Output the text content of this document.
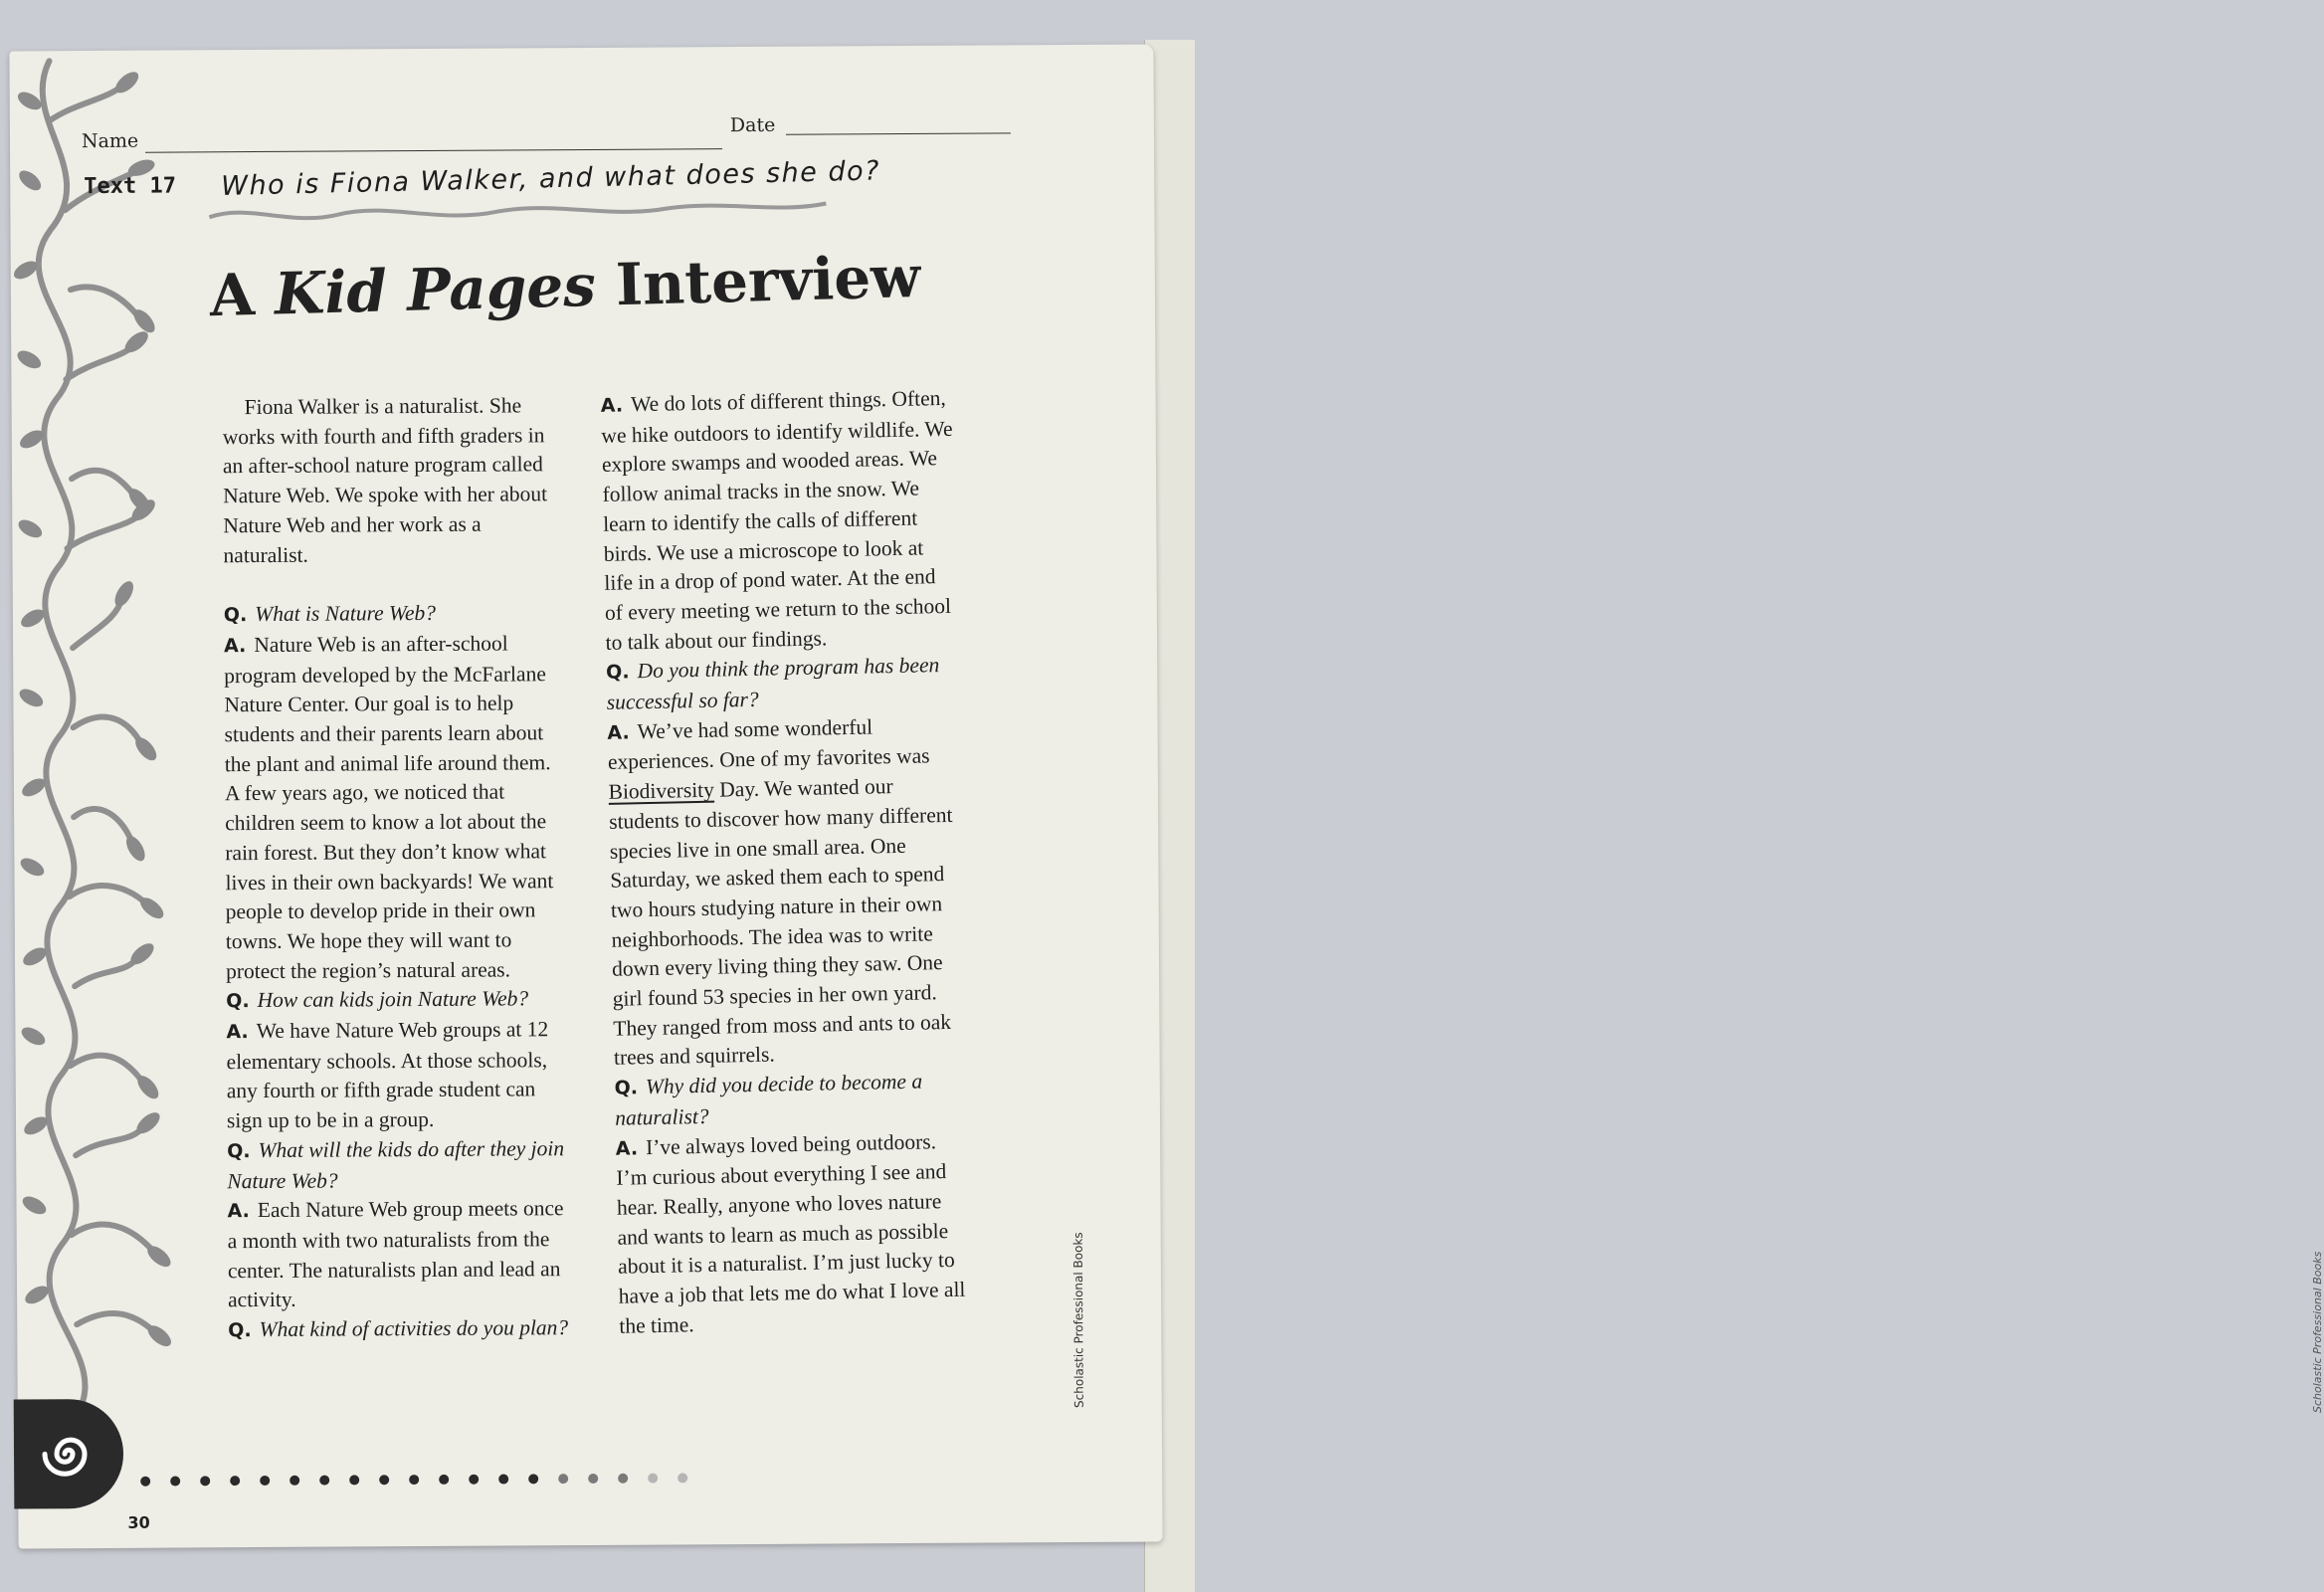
Scholastic Professional Books
30
Name
Date
Text 17 Who is Fiona Walker, and what does she do?
A Kid Pages Interview

Fiona Walker is a naturalist. She works with fourth and fifth graders in an after-school nature program called Nature Web. We spoke with her about Nature Web and her work as a naturalist.

Q. What is Nature Web?

A. Nature Web is an after-school program developed by the McFarlane Nature Center. Our goal is to help students and their parents learn about the plant and animal life around them. A few years ago, we noticed that children seem to know a lot about the rain forest. But they don’t know what lives in their own backyards! We want people to develop pride in their own towns. We hope they will want to protect the region’s natural areas.

Q. How can kids join Nature Web?

A. We have Nature Web groups at 12 elementary schools. At those schools, any fourth or fifth grade student can sign up to be in a group.

Q. What will the kids do after they join Nature Web?

A. Each Nature Web group meets once a month with two naturalists from the center. The naturalists plan and lead an activity.

Q. What kind of activities do you plan?

A. We do lots of different things. Often, we hike outdoors to identify wildlife. We explore swamps and wooded areas. We follow animal tracks in the snow. We learn to identify the calls of different birds. We use a microscope to look at life in a drop of pond water. At the end of every meeting we return to the school to talk about our findings.

Q. Do you think the program has been successful so far?

A. We’ve had some wonderful experiences. One of my favorites was Biodiversity Day. We wanted our students to discover how many different species live in one small area. One Saturday, we asked them each to spend two hours studying nature in their own neighborhoods. The idea was to write down every living thing they saw. One girl found 53 species in her own yard. They ranged from moss and ants to oak trees and squirrels.

Q. Why did you decide to become a naturalist?

A. I’ve always loved being outdoors. I’m curious about everything I see and hear. Really, anyone who loves nature and wants to learn as much as possible about it is a naturalist. I’m just lucky to have a job that lets me do what I love all the time.	Scholastic Professional Books
